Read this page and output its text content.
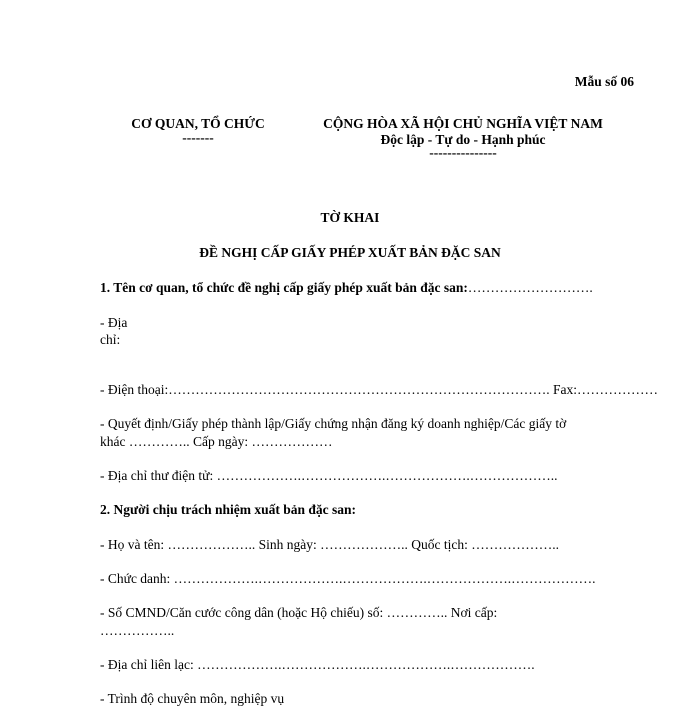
Mẫu số 06
CƠ QUAN, TỔ CHỨC
-------
CỘNG HÒA XÃ HỘI CHỦ NGHĨA VIỆT NAM
Độc lập - Tự do - Hạnh phúc
---------------
TỜ KHAI
ĐỀ NGHỊ CẤP GIẤY PHÉP XUẤT BẢN ĐẶC SAN
1. Tên cơ quan, tổ chức đề nghị cấp giấy phép xuất bản đặc san:……………………….
- Địa
chỉ:
- Điện thoại:…………………………………………………………………………. Fax:………………
- Quyết định/Giấy phép thành lập/Giấy chứng nhận đăng ký doanh nghiệp/Các giấy tờ
khác ………….. Cấp ngày: ………………
- Địa chỉ thư điện tử: ……………….……………….……………….………………..
2. Người chịu trách nhiệm xuất bản đặc san:
- Họ và tên: ……………….. Sinh ngày: ……………….. Quốc tịch: ………………..
- Chức danh: ……………….……………….……………….……………….……………….
- Số CMND/Căn cước công dân (hoặc Hộ chiếu) số: ………….. Nơi cấp:
……………..
- Địa chỉ liên lạc: ……………….……………….……………….……………….
- Trình độ chuyên môn, nghiệp vụ
